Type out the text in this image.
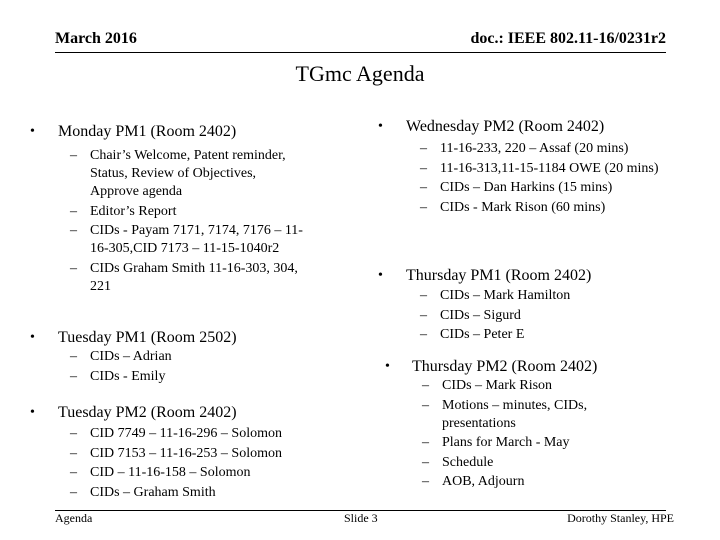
March 2016	doc.: IEEE 802.11-16/0231r2
TGmc Agenda
• Monday PM1 (Room 2402)
– Chair’s Welcome, Patent reminder,
Status, Review of Objectives,
Approve agenda
– Editor’s Report
– CIDs - Payam 7171, 7174, 7176 – 11-
16-305,CID 7173 – 11-15-1040r2
– CIDs Graham Smith 11-16-303, 304,
221
• Tuesday PM1 (Room 2502)
– CIDs – Adrian
– CIDs - Emily
• Tuesday PM2 (Room 2402)
– CID 7749 – 11-16-296 – Solomon
– CID 7153 – 11-16-253 – Solomon
– CID – 11-16-158 – Solomon
– CIDs – Graham Smith
• Wednesday PM2 (Room 2402)
– 11-16-233, 220 – Assaf (20 mins)
– 11-16-313,11-15-1184 OWE (20 mins)
– CIDs – Dan Harkins (15 mins)
– CIDs - Mark Rison (60 mins)
• Thursday PM1 (Room 2402)
– CIDs – Mark Hamilton
– CIDs – Sigurd
– CIDs – Peter E
• Thursday PM2 (Room 2402)
– CIDs – Mark Rison
– Motions – minutes, CIDs,
presentations
– Plans for March - May
– Schedule
– AOB, Adjourn
Agenda	Slide 3	Dorothy Stanley, HPE
